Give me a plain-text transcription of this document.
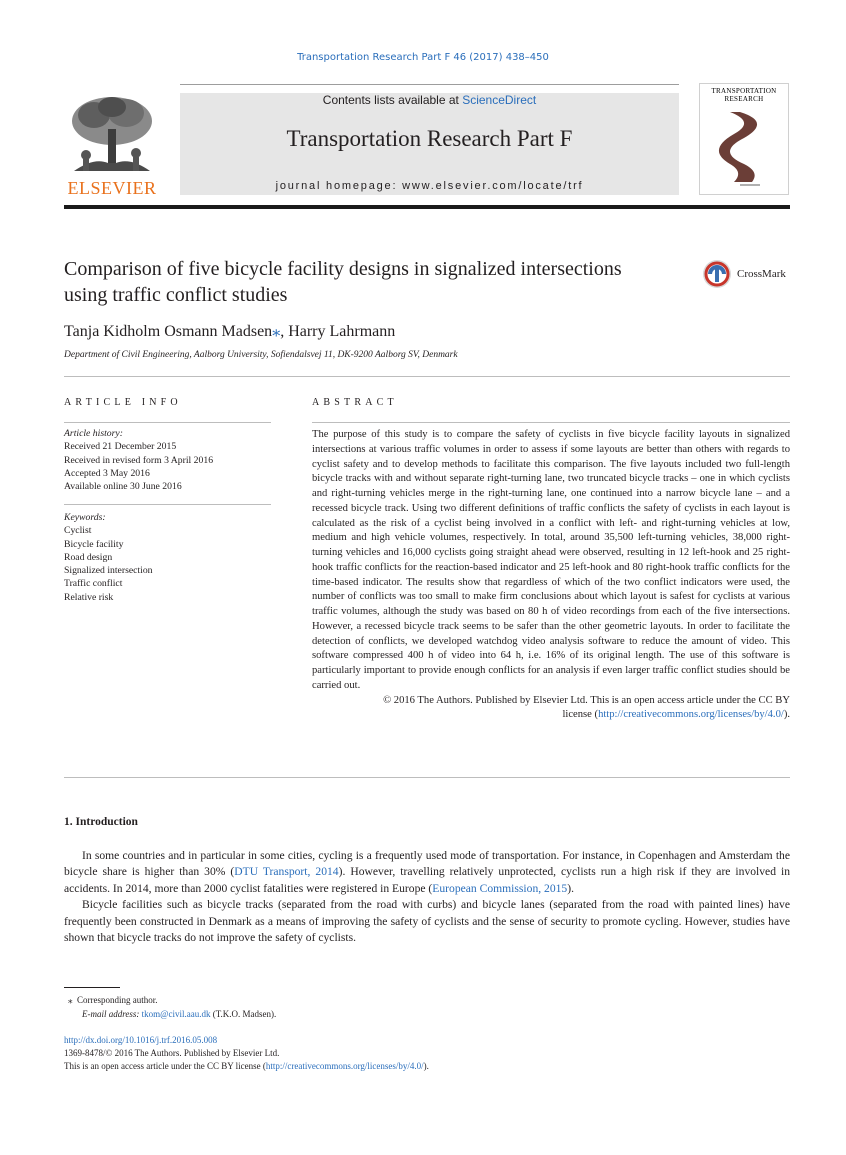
Transportation Research Part F 46 (2017) 438–450
ELSEVIER
Contents lists available at ScienceDirect
Transportation Research Part F
journal homepage: www.elsevier.com/locate/trf
TRANSPORTATION RESEARCH
Comparison of five bicycle facility designs in signalized intersections using traffic conflict studies
CrossMark
Tanja Kidholm Osmann Madsen⁎, Harry Lahrmann
Department of Civil Engineering, Aalborg University, Sofiendalsvej 11, DK-9200 Aalborg SV, Denmark
ARTICLE INFO	ABSTRACT
Article history:
Received 21 December 2015
Received in revised form 3 April 2016
Accepted 3 May 2016
Available online 30 June 2016
Keywords:
Cyclist
Bicycle facility
Road design
Signalized intersection
Traffic conflict
Relative risk

The purpose of this study is to compare the safety of cyclists in five bicycle facility layouts in signalized intersections at various traffic volumes in order to assess if some layouts are better than others with regards to cyclist safety and to develop methods to facilitate this comparison. The five layouts included two full-length bicycle tracks with and without separate right-turning lane, two truncated bicycle tracks – one in which cyclists and right-turning vehicles merge in the right-turning lane, one continued into a narrow bicycle lane – and a recessed bicycle track. Using two different definitions of traffic conflicts the safety of cyclists in each layout is calculated as the risk of a cyclist being involved in a conflict with left- and right-turning vehicles at low, medium and high vehicle volumes, respectively. In total, around 35,500 left-turning vehicles, 38,000 right-turning vehicles and 16,000 cyclists going straight ahead were observed, resulting in 12 left-hook and 25 right-hook traffic conflicts for the reaction-based indicator and 25 left-hook and 80 right-hook traffic conflicts for the time-based indicator. The results show that regardless of which of the two conflict indicators were used, the number of conflicts was too small to make firm conclusions about which layout is safest for cyclists at various traffic volumes, although the study was based on 80 h of video recordings from each of the five intersections. However, a recessed bicycle track seems to be safer than the other geometric layouts. In order to facilitate the detection of conflicts, we developed watchdog video analysis software to reduce the amount of video. This software compressed 400 h of video into 64 h, i.e. 16% of its original length. The use of this software is particularly important to provide enough conflicts for an analysis if even larger traffic conflict studies should be carried out.

© 2016 The Authors. Published by Elsevier Ltd. This is an open access article under the CC BY

license (http://creativecommons.org/licenses/by/4.0/).

1. Introduction

In some countries and in particular in some cities, cycling is a frequently used mode of transportation. For instance, in Copenhagen and Amsterdam the bicycle share is higher than 30% (DTU Transport, 2014). However, travelling relatively unprotected, cyclists run a high risk if they are involved in accidents. In 2014, more than 2000 cyclist fatalities were registered in Europe (European Commission, 2015).

Bicycle facilities such as bicycle tracks (separated from the road with curbs) and bicycle lanes (separated from the road with painted lines) have frequently been constructed in Denmark as a means of improving the safety of cyclists and the sense of security to promote cycling. However, studies have shown that bicycle tracks do not improve the safety of cyclists.

⁎ Corresponding author.
E-mail address: tkom@civil.aau.dk (T.K.O. Madsen).
http://dx.doi.org/10.1016/j.trf.2016.05.008
1369-8478/© 2016 The Authors. Published by Elsevier Ltd.
This is an open access article under the CC BY license (http://creativecommons.org/licenses/by/4.0/).
